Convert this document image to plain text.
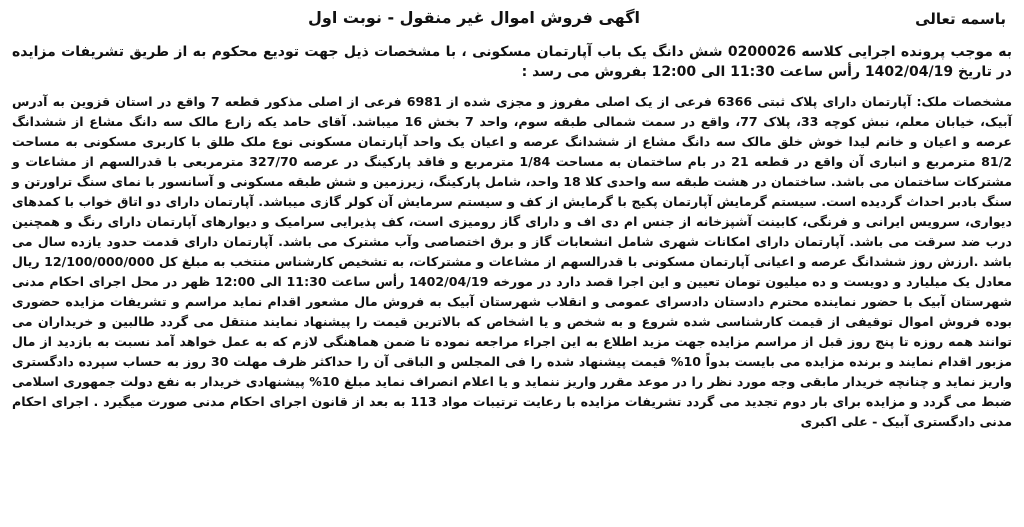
باسمه تعالی
اگهی فروش اموال غیر منقول - نوبت اول

به موجب پرونده اجرایی کلاسه 0200026 شش دانگ یک باب آپارتمان مسکونی ، با مشخصات ذیل جهت تودیع محکوم به از طریق تشریفات مزایده در تاریخ 1402/04/19 رأس ساعت 11:30 الی 12:00 بفروش می رسد :

مشخصات ملک: آپارتمان دارای پلاک ثبتی 6366 فرعی از یک اصلی مفروز و مجزی شده از 6981 فرعی از اصلی مذکور قطعه 7 واقع در استان قزوین به آدرس آبیک، خیابان معلم، نبش کوچه 33، پلاک 77، واقع در سمت شمالی طبقه سوم، واحد 7 بخش 16 میباشد. آقای حامد یکه زارع مالک سه دانگ مشاع از ششدانگ عرصه و اعیان و خانم لیدا خوش خلق مالک سه دانگ مشاع از ششدانگ عرصه و اعیان یک واحد آپارتمان مسکونی نوع ملک طلق با کاربری مسکونی به مساحت 81/2 مترمربع و انباری آن واقع در قطعه 21 در بام ساختمان به مساحت 1/84 مترمربع و فاقد پارکینگ در عرصه 327/70 مترمربعی با قدرالسهم از مشاعات و مشترکات ساختمان می باشد. ساختمان در هشت طبقه سه واحدی کلا 18 واحد، شامل پارکینگ، زیرزمین و شش طبقه مسکونی و آسانسور با نمای سنگ تراورتن و سنگ بادبر احداث گردیده است. سیستم گرمایش آپارتمان پکیج با گرمایش از کف و سیستم سرمایش آن کولر گازی میباشد. آپارتمان دارای دو اتاق خواب با کمدهای دیواری، سرویس ایرانی و فرنگی، کابینت آشپزخانه از جنس ام دی اف و دارای گاز رومیزی است، کف پذیرایی سرامیک و دیوارهای آپارتمان دارای رنگ و همچنین درب ضد سرقت می باشد. آپارتمان دارای امکانات شهری شامل انشعابات گاز و برق اختصاصی وآب مشترک می باشد. آپارتمان دارای قدمت حدود یازده سال می باشد .ارزش روز ششدانگ عرصه و اعیانی آپارتمان مسکونی با قدرالسهم از مشاعات و مشترکات، به تشخیص کارشناس منتخب به مبلغ کل 12/100/000/000 ریال معادل یک میلیارد و دویست و ده میلیون تومان تعیین و این اجرا قصد دارد در مورخه 1402/04/19 رأس ساعت 11:30 الی 12:00 ظهر در محل اجرای احکام مدنی شهرستان آبیک با حضور نماینده محترم دادستان دادسرای عمومی و انقلاب شهرستان آبیک به فروش مال مشعور اقدام نماید مراسم و تشریفات مزایده حضوری بوده فروش اموال توقیفی از قیمت کارشناسی شده شروع و به شخص و یا اشخاص که بالاترین قیمت را پیشنهاد نمایند منتقل می گردد طالبین و خریداران می توانند همه روزه تا پنج روز قبل از مراسم مزایده جهت مزید اطلاع به این اجراء مراجعه نموده تا ضمن هماهنگی لازم که به عمل خواهد آمد نسبت به بازدید از مال مزبور اقدام نمایند و برنده مزایده می بایست بدواً 10% قیمت پیشنهاد شده را فی المجلس و الباقی آن را حداکثر ظرف مهلت 30 روز به حساب سپرده دادگستری واریز نماید و چنانچه خریدار مابقی وجه مورد نظر را در موعد مقرر واریز ننماید و یا اعلام انصراف نماید مبلغ 10% پیشنهادی خریدار به نفع دولت جمهوری اسلامی ضبط می گردد و مزایده برای بار دوم تجدید می گردد تشریفات مزایده با رعایت ترتیبات مواد 113 به بعد از قانون اجرای احکام مدنی صورت میگیرد . اجرای احکام مدنی دادگستری آبیک - علی اکبری
